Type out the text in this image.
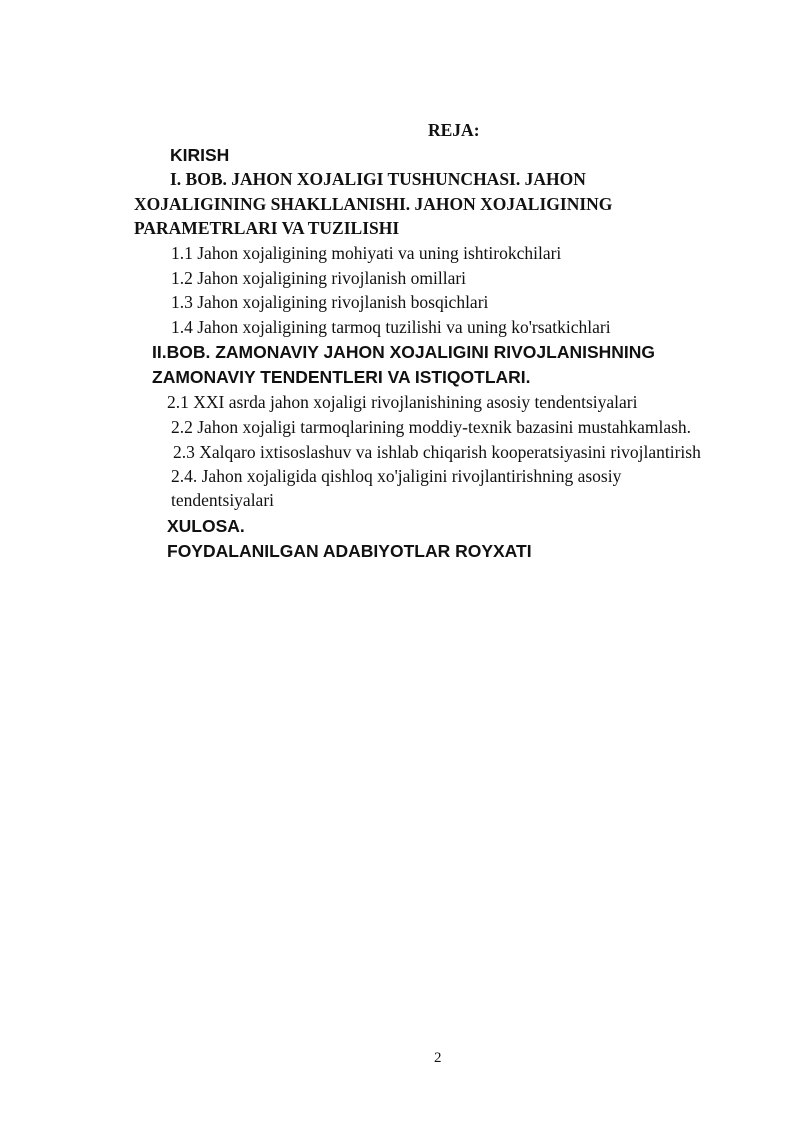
REJA:
KIRISH
I. BOB. JAHON XOJALIGI TUSHUNCHASI. JAHON
XOJALIGINING SHAKLLANISHI. JAHON XOJALIGINING
PARAMETRLARI VA TUZILISHI
1.1 Jahon xojaligining mohiyati va uning ishtirokchilari
1.2 Jahon xojaligining rivojlanish omillari
1.3 Jahon xojaligining rivojlanish bosqichlari
1.4 Jahon xojaligining tarmoq tuzilishi va uning ko'rsatkichlari
II.BOB. ZAMONAVIY JAHON XOJALIGINI RIVOJLANISHNING
ZAMONAVIY TENDENTLERI VA ISTIQOTLARI.
2.1 XXI asrda jahon xojaligi rivojlanishining asosiy tendentsiyalari
2.2 Jahon xojaligi tarmoqlarining moddiy-texnik bazasini mustahkamlash.
2.3 Xalqaro ixtisoslashuv va ishlab chiqarish kooperatsiyasini rivojlantirish
2.4. Jahon xojaligida qishloq xo'jaligini rivojlantirishning asosiy
tendentsiyalari
XULOSA.
FOYDALANILGAN ADABIYOTLAR ROYXATI
2
